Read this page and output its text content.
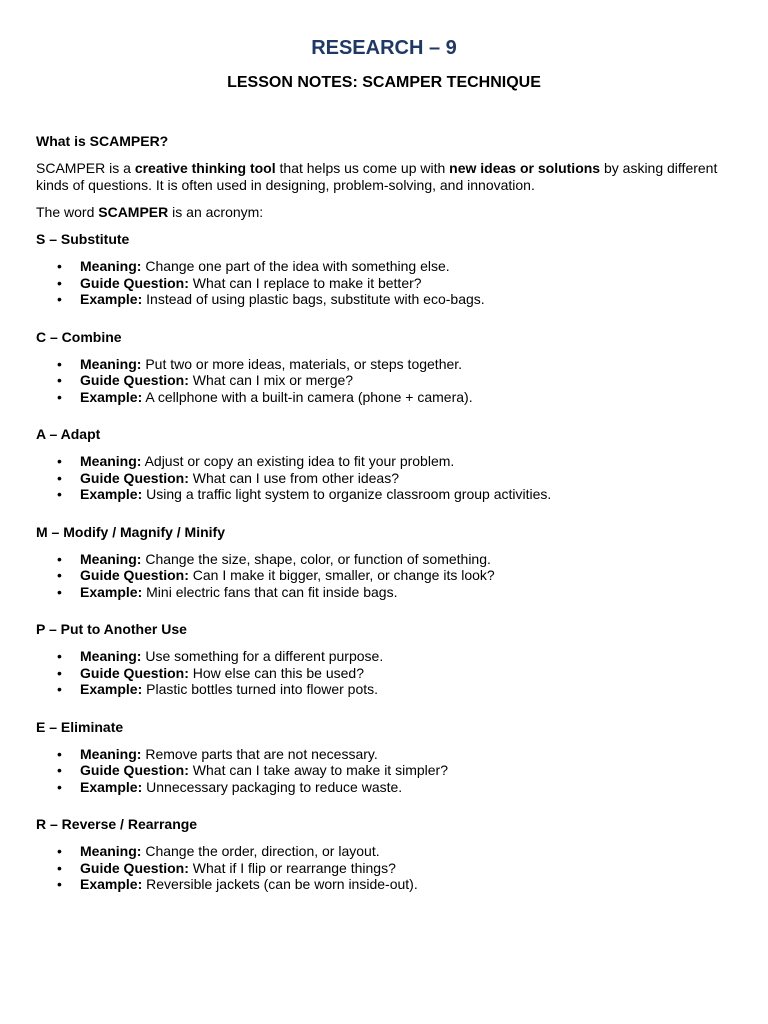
RESEARCH – 9
LESSON NOTES: SCAMPER TECHNIQUE

What is SCAMPER?

SCAMPER is a creative thinking tool that helps us come up with new ideas or solutions by asking different kinds of questions. It is often used in designing, problem-solving, and innovation.

The word SCAMPER is an acronym:

S – Substitute

• Meaning: Change one part of the idea with something else.
• Guide Question: What can I replace to make it better?
• Example: Instead of using plastic bags, substitute with eco-bags.

C – Combine

• Meaning: Put two or more ideas, materials, or steps together.
• Guide Question: What can I mix or merge?
• Example: A cellphone with a built-in camera (phone + camera).

A – Adapt

• Meaning: Adjust or copy an existing idea to fit your problem.
• Guide Question: What can I use from other ideas?
• Example: Using a traffic light system to organize classroom group activities.

M – Modify / Magnify / Minify

• Meaning: Change the size, shape, color, or function of something.
• Guide Question: Can I make it bigger, smaller, or change its look?
• Example: Mini electric fans that can fit inside bags.

P – Put to Another Use

• Meaning: Use something for a different purpose.
• Guide Question: How else can this be used?
• Example: Plastic bottles turned into flower pots.

E – Eliminate

• Meaning: Remove parts that are not necessary.
• Guide Question: What can I take away to make it simpler?
• Example: Unnecessary packaging to reduce waste.

R – Reverse / Rearrange

• Meaning: Change the order, direction, or layout.
• Guide Question: What if I flip or rearrange things?
• Example: Reversible jackets (can be worn inside-out).
